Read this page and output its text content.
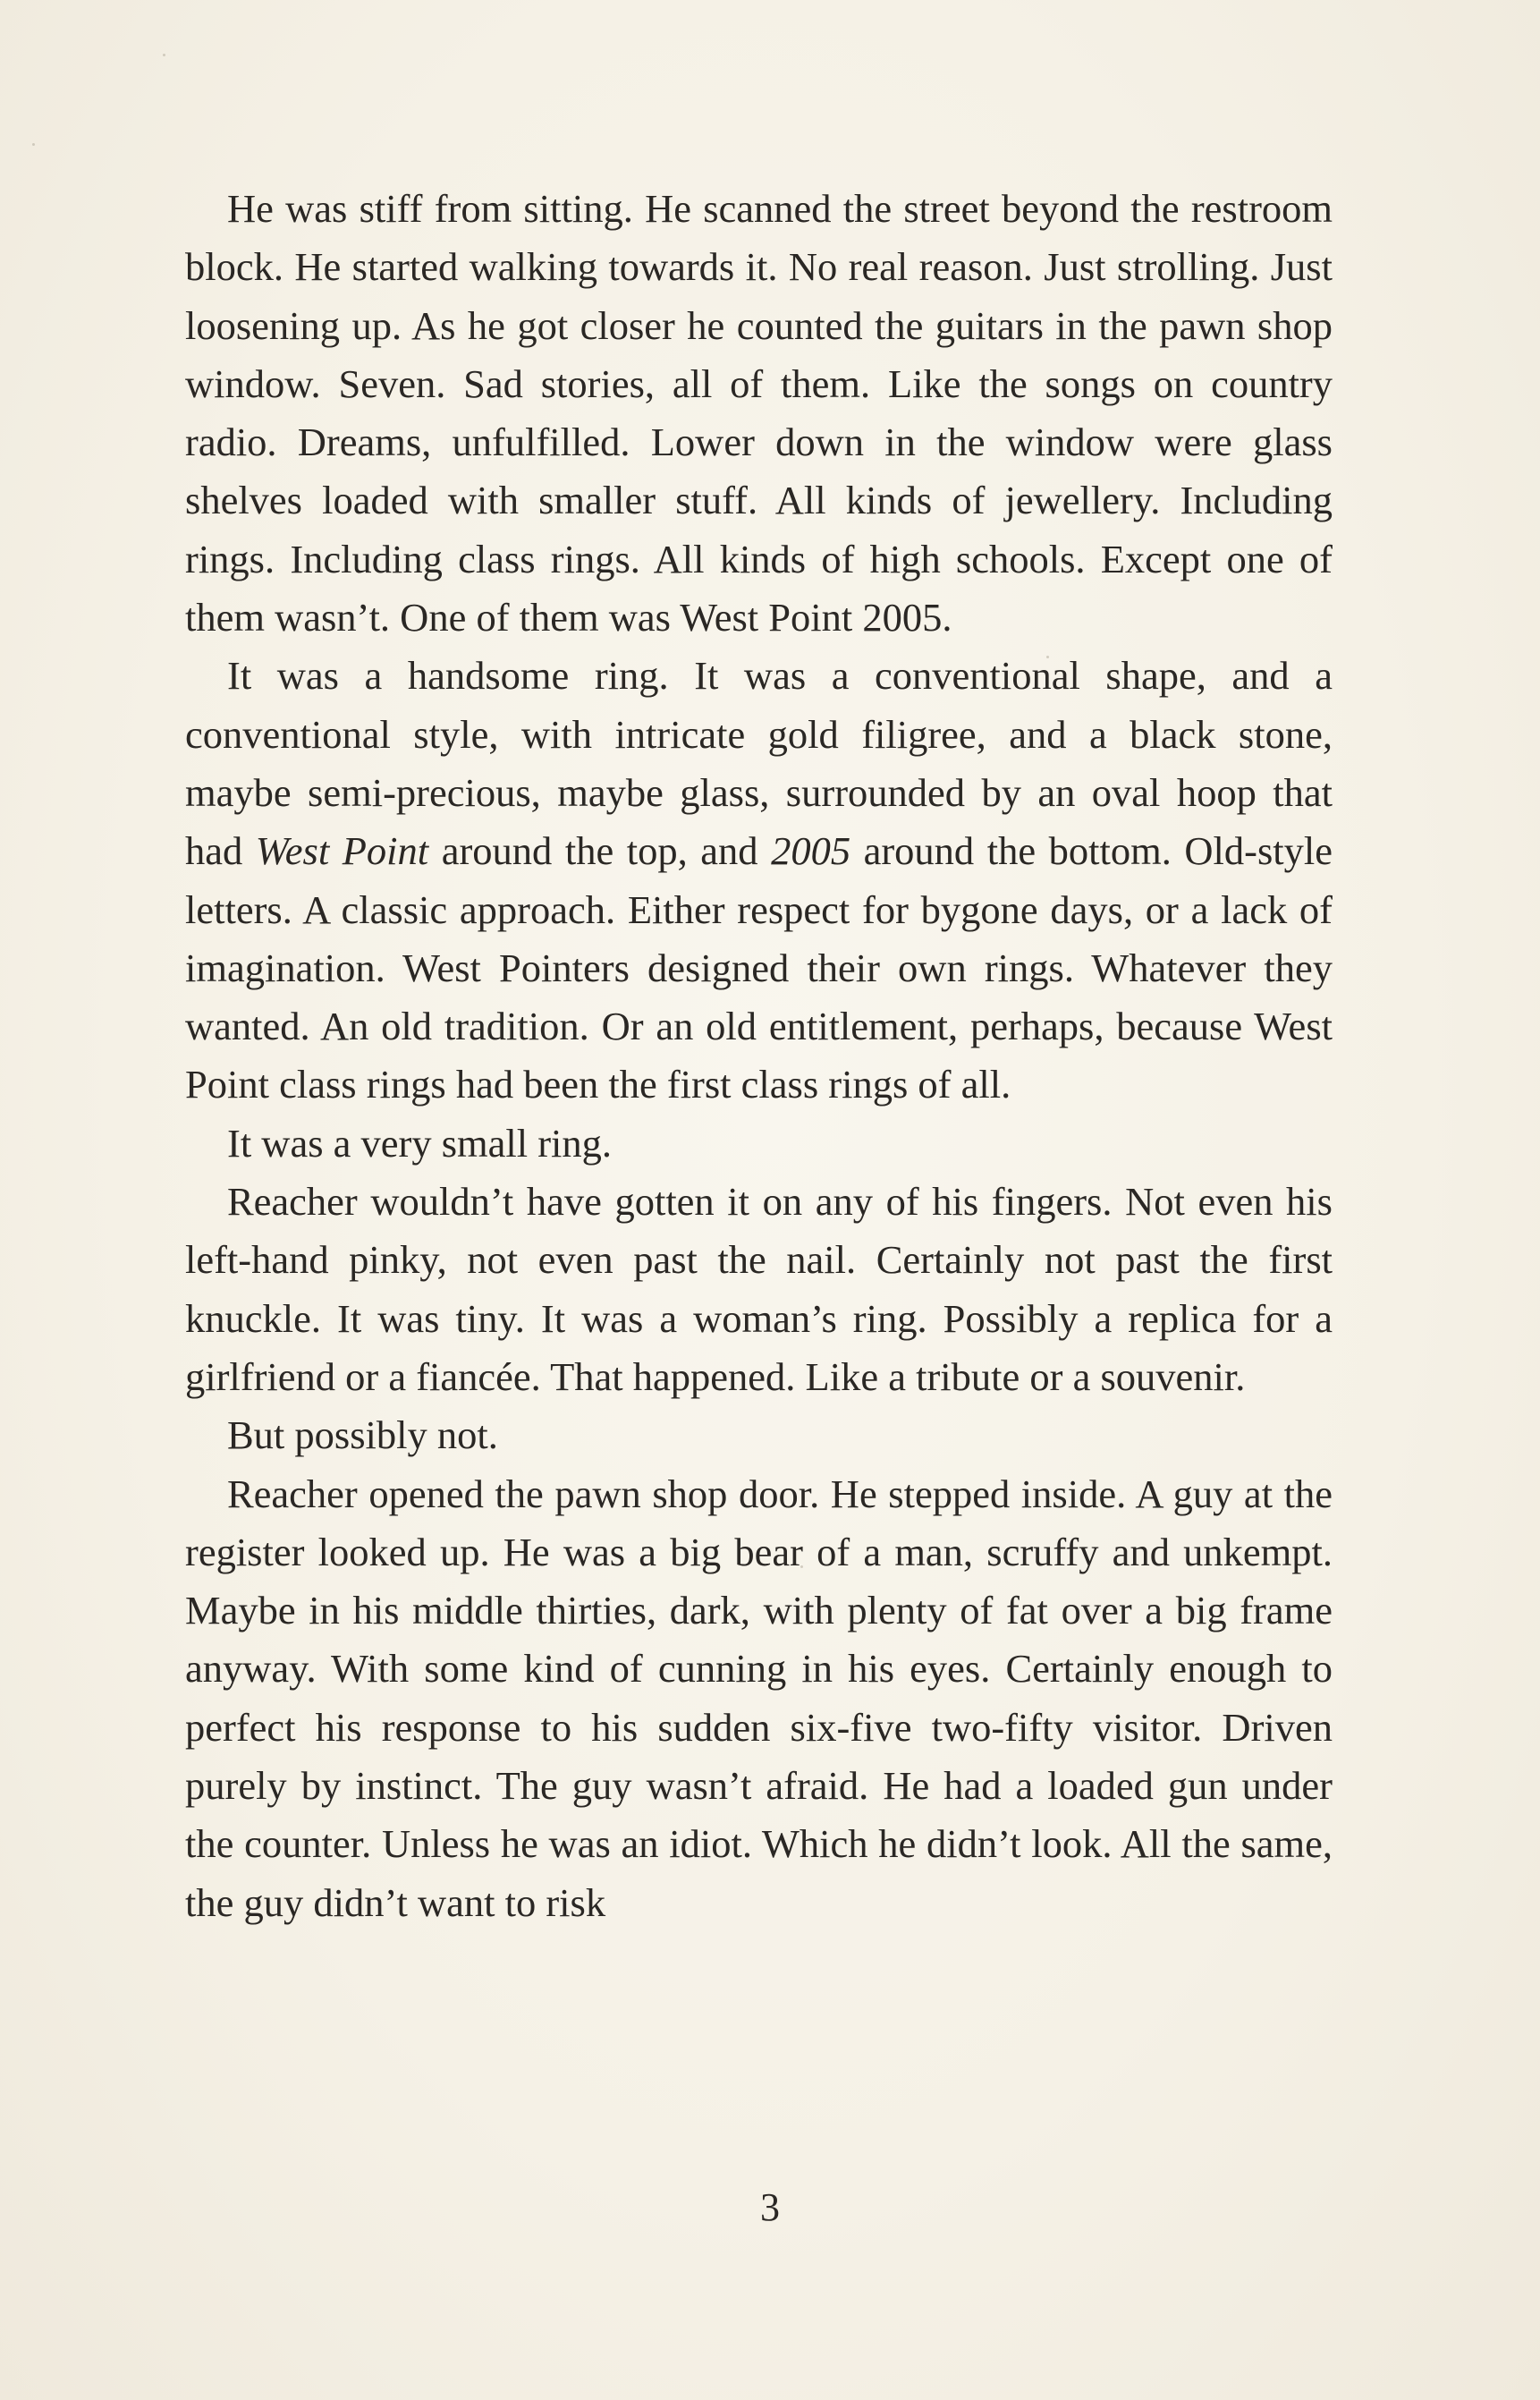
He was stiff from sitting. He scanned the street beyond the restroom block. He started walking towards it. No real reason. Just strolling. Just loosening up. As he got closer he counted the guitars in the pawn shop window. Seven. Sad stories, all of them. Like the songs on country radio. Dreams, unfulfilled. Lower down in the window were glass shelves loaded with smaller stuff. All kinds of jewellery. Including rings. Including class rings. All kinds of high schools. Except one of them wasn’t. One of them was West Point 2005.

It was a handsome ring. It was a conventional shape, and a conventional style, with intricate gold filigree, and a black stone, maybe semi-precious, maybe glass, surrounded by an oval hoop that had West Point around the top, and 2005 around the bottom. Old-style letters. A classic approach. Either respect for bygone days, or a lack of imagination. West Pointers designed their own rings. Whatever they wanted. An old tradition. Or an old entitlement, perhaps, because West Point class rings had been the first class rings of all.

It was a very small ring.

Reacher wouldn’t have gotten it on any of his fingers. Not even his left-hand pinky, not even past the nail. Certainly not past the first knuckle. It was tiny. It was a woman’s ring. Possibly a replica for a girlfriend or a fiancée. That happened. Like a tribute or a souvenir.

But possibly not.

Reacher opened the pawn shop door. He stepped inside. A guy at the register looked up. He was a big bear of a man, scruffy and unkempt. Maybe in his middle thirties, dark, with plenty of fat over a big frame anyway. With some kind of cunning in his eyes. Certainly enough to perfect his response to his sudden six-five two-fifty visitor. Driven purely by instinct. The guy wasn’t afraid. He had a loaded gun under the counter. Unless he was an idiot. Which he didn’t look. All the same, the guy didn’t want to risk

3
